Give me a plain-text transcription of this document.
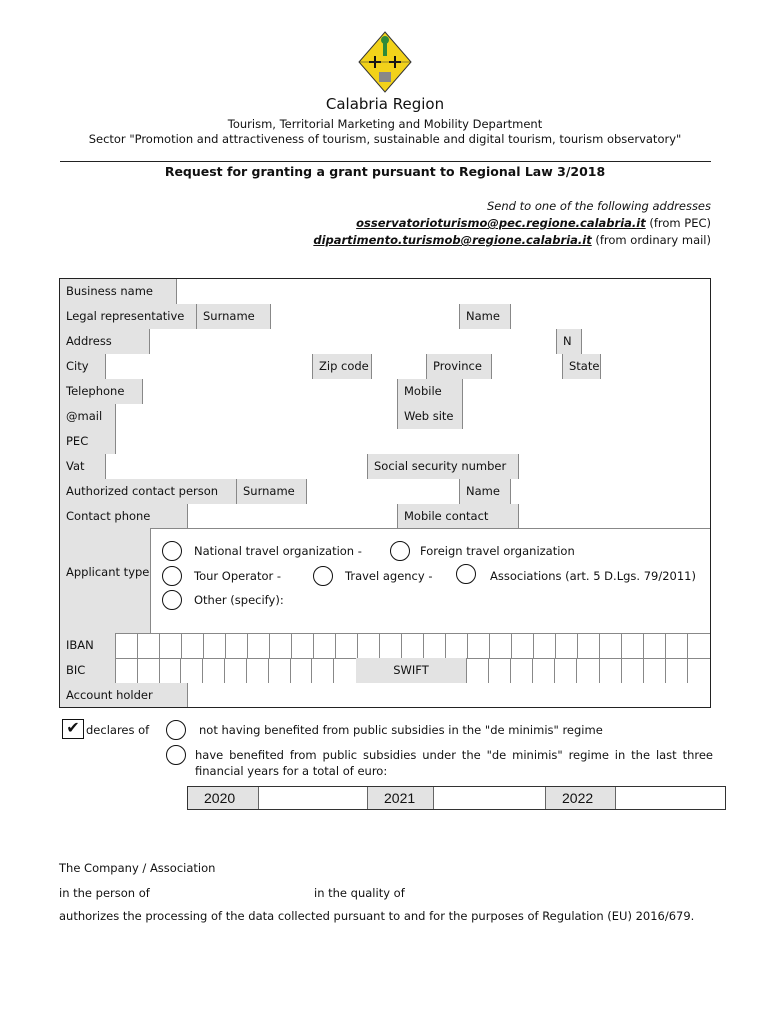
Calabria Region
Tourism, Territorial Marketing and Mobility Department
Sector "Promotion and attractiveness of tourism, sustainable and digital tourism, tourism observatory"
Request for granting a grant pursuant to Regional Law 3/2018
Send to one of the following addresses
osservatorioturismo@pec.regione.calabria.it (from PEC)
dipartimento.turismob@regione.calabria.it (from ordinary mail)
Business name
Legal representative	Surname	Name
Address	N
City	Zip code	Province	State
Telephone	Mobile
@mail	Web site
PEC
Vat	Social security number
Authorized contact person	Surname	Name
Contact phone	Mobile contact
Applicant type
National travel organization -	Foreign travel organization
Tour Operator -	Travel agency -	Associations (art. 5 D.Lgs. 79/2011)
Other (specify):
IBAN
BIC	SWIFT
Account holder
✔ declares of	not having benefited from public subsidies in the "de minimis" regime
have benefited from public subsidies under the "de minimis" regime in the last three financial years for a total of euro:
2020	2021	2022
The Company / Association
in the person of	in the quality of
authorizes the processing of the data collected pursuant to and for the purposes of Regulation (EU) 2016/679.
